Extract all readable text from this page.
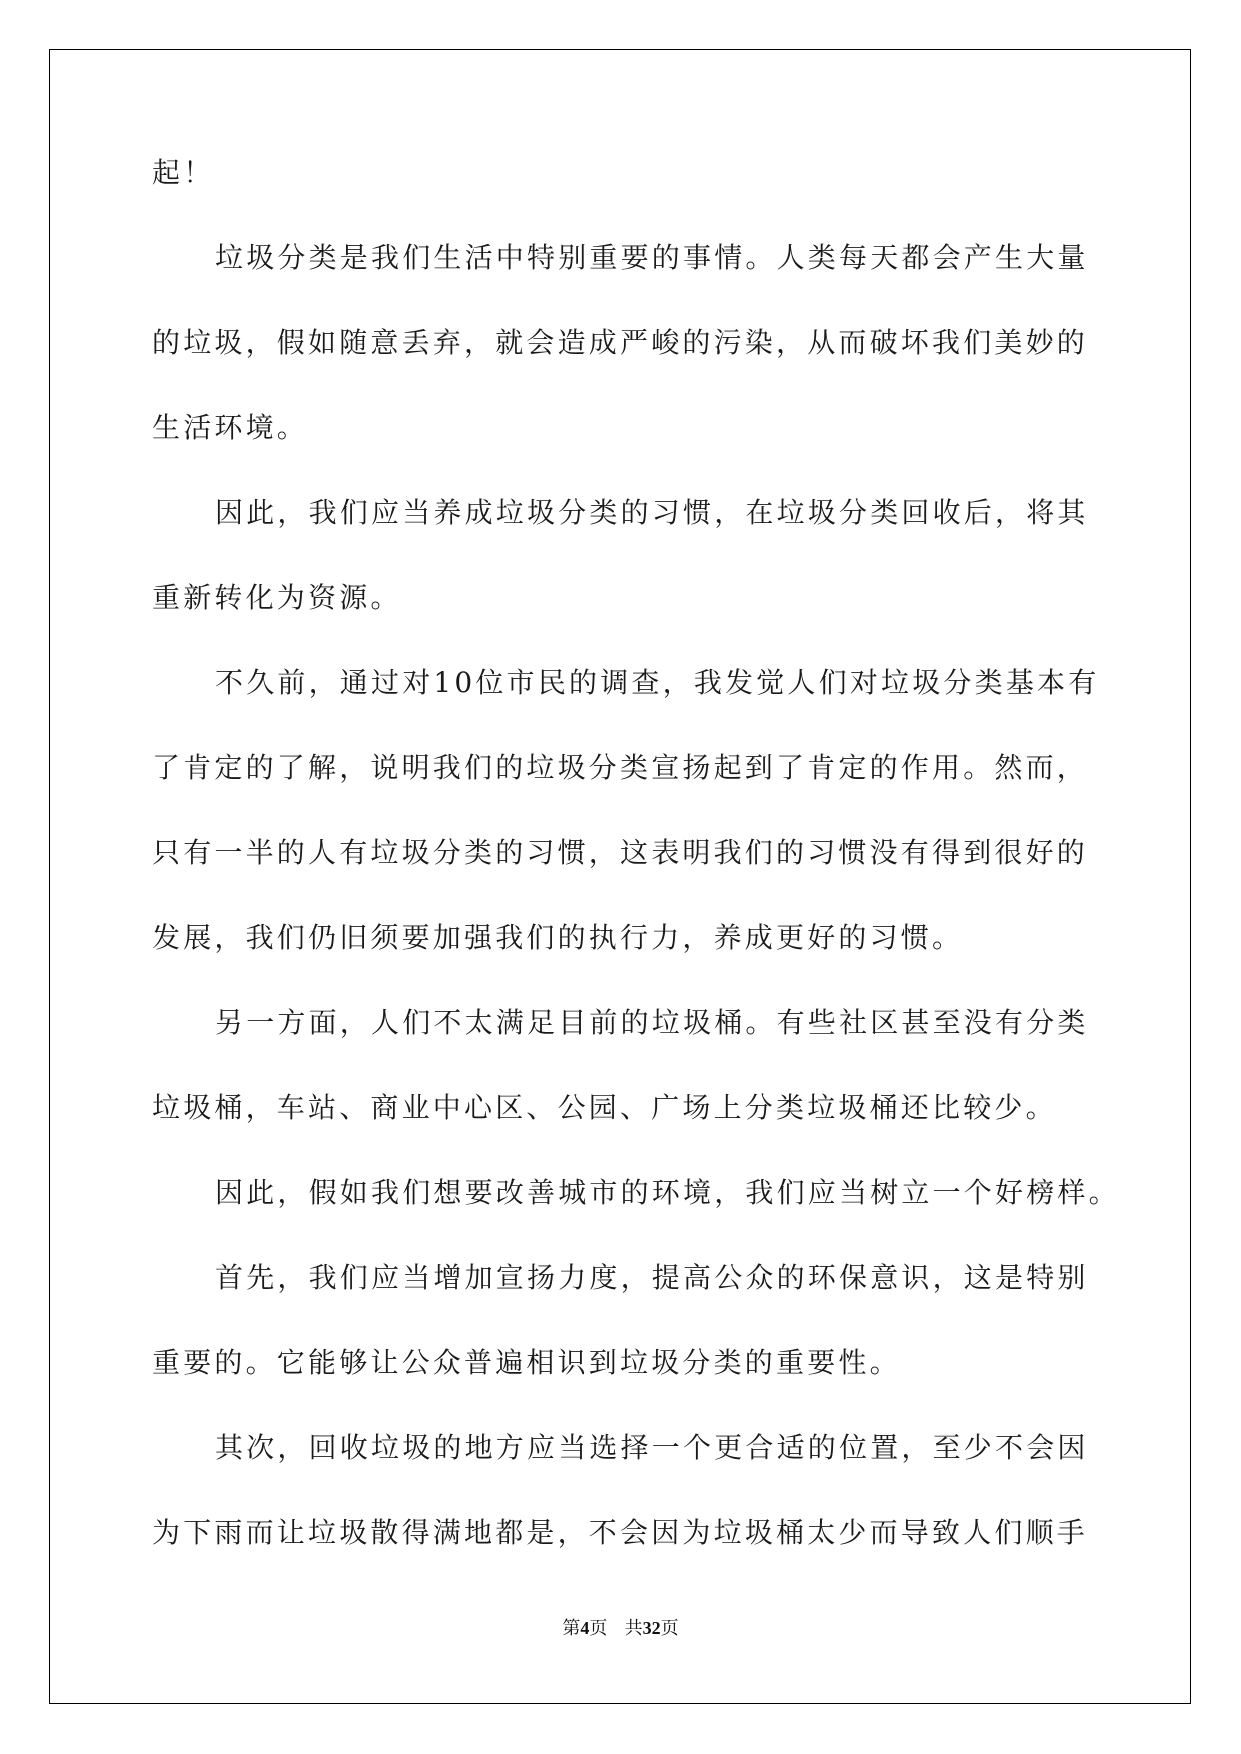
起！
垃圾分类是我们生活中特别重要的事情。人类每天都会产生大量
的垃圾，假如随意丢弃，就会造成严峻的污染，从而破坏我们美妙的
生活环境。
因此，我们应当养成垃圾分类的习惯，在垃圾分类回收后，将其
重新转化为资源。
不久前，通过对10位市民的调查，我发觉人们对垃圾分类基本有
了肯定的了解，说明我们的垃圾分类宣扬起到了肯定的作用。然而，
只有一半的人有垃圾分类的习惯，这表明我们的习惯没有得到很好的
发展，我们仍旧须要加强我们的执行力，养成更好的习惯。
另一方面，人们不太满足目前的垃圾桶。有些社区甚至没有分类
垃圾桶，车站、商业中心区、公园、广场上分类垃圾桶还比较少。
因此，假如我们想要改善城市的环境，我们应当树立一个好榜样。
首先，我们应当增加宣扬力度，提高公众的环保意识，这是特别
重要的。它能够让公众普遍相识到垃圾分类的重要性。
其次，回收垃圾的地方应当选择一个更合适的位置，至少不会因
为下雨而让垃圾散得满地都是，不会因为垃圾桶太少而导致人们顺手
第4页 共32页
